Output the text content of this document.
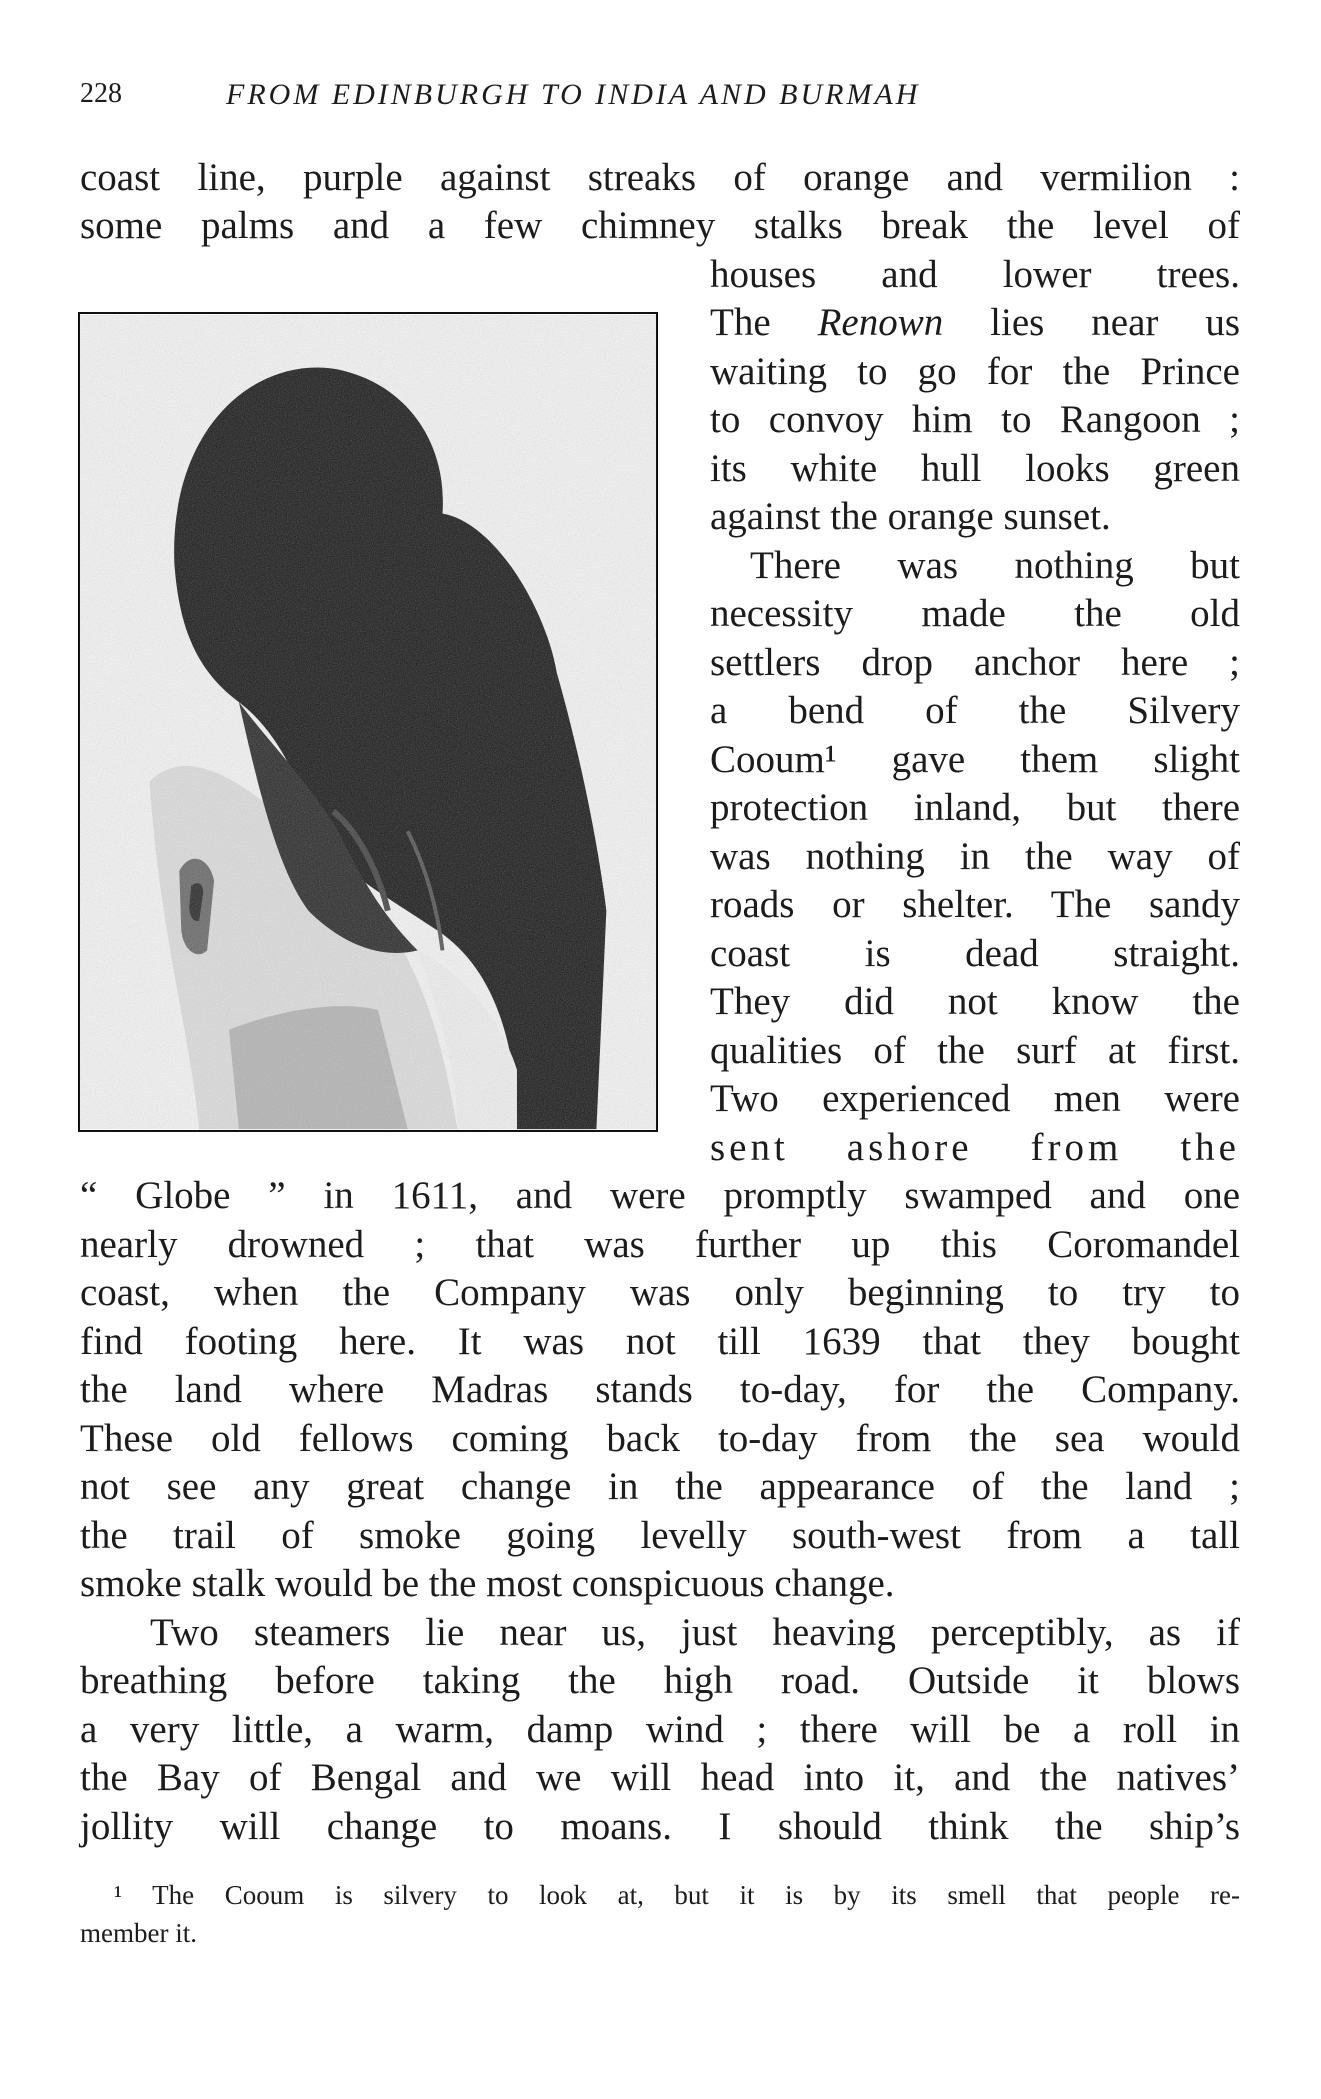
228	FROM EDINBURGH TO INDIA AND BURMAH
coast line, purple against streaks of orange and vermilion :
some palms and a few chimney stalks break the level of
houses and lower trees.
The Renown lies near us
waiting to go for the Prince
to convoy him to Rangoon ;
its white hull looks green
against the orange sunset.
There was nothing but
necessity made the old
settlers drop anchor here ;
a bend of the Silvery
Cooum¹ gave them slight
protection inland, but there
was nothing in the way of
roads or shelter. The sandy
coast is dead straight.
They did not know the
qualities of the surf at first.
Two experienced men were
sent ashore from the
“ Globe ” in 1611, and were promptly swamped and one
nearly drowned ; that was further up this Coromandel
coast, when the Company was only beginning to try to
find footing here. It was not till 1639 that they bought
the land where Madras stands to-day, for the Company.
These old fellows coming back to-day from the sea would
not see any great change in the appearance of the land ;
the trail of smoke going levelly south-west from a tall
smoke stalk would be the most conspicuous change.
Two steamers lie near us, just heaving perceptibly, as if
breathing before taking the high road. Outside it blows
a very little, a warm, damp wind ; there will be a roll in
the Bay of Bengal and we will head into it, and the natives’
jollity will change to moans. I should think the ship’s
¹ The Cooum is silvery to look at, but it is by its smell that people re-
member it.
